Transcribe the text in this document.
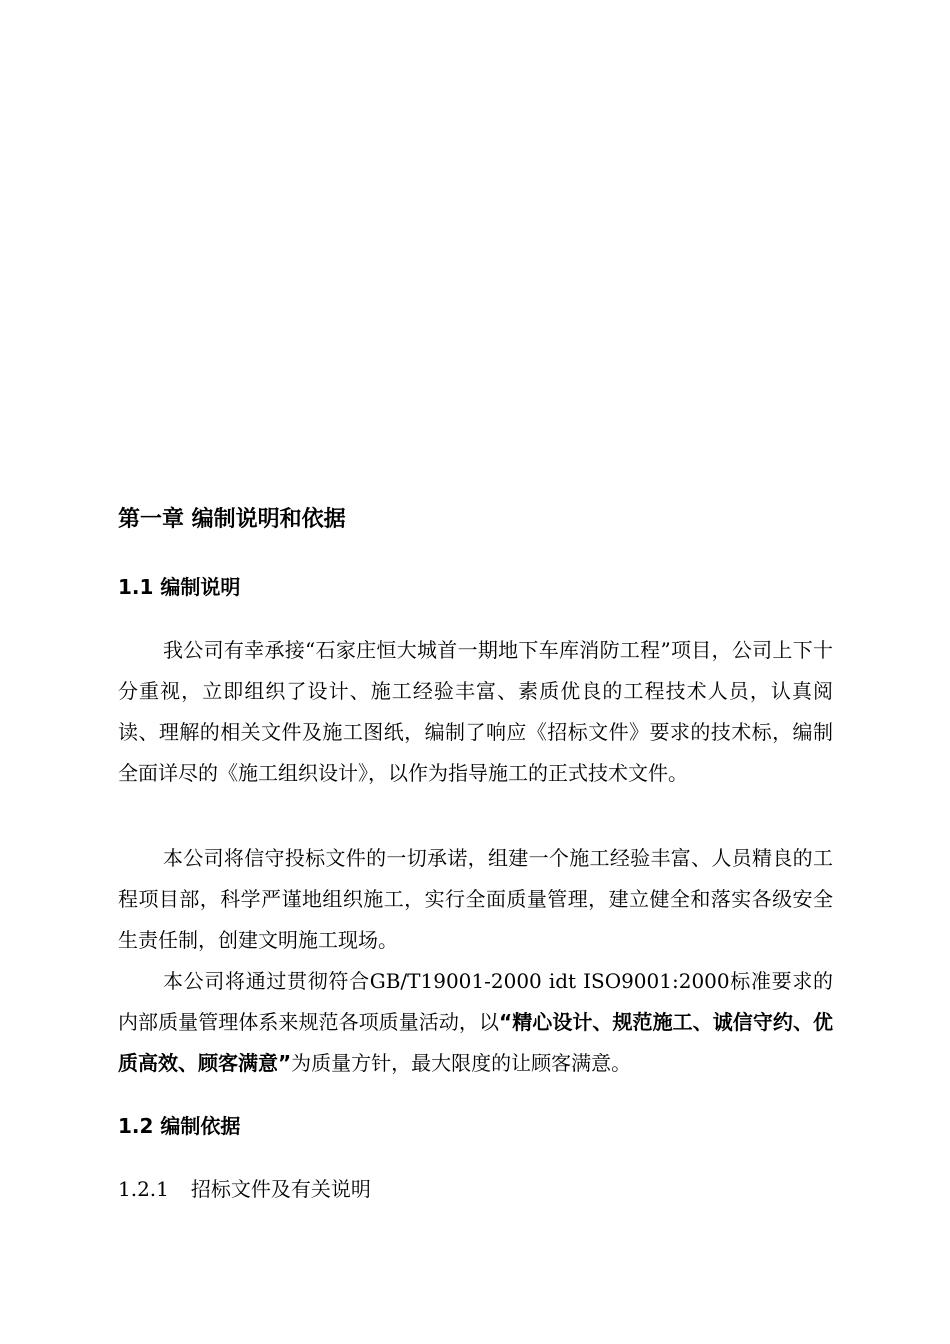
第一章 编制说明和依据
1.1 编制说明

我公司有幸承接“石家庄恒大城首一期地下车库消防工程”项目，公司上下十分重视，立即组织了设计、施工经验丰富、素质优良的工程技术人员，认真阅读、理解的相关文件及施工图纸，编制了响应《招标文件》要求的技术标，编制全面详尽的《施工组织设计》，以作为指导施工的正式技术文件。

本公司将信守投标文件的一切承诺，组建一个施工经验丰富、人员精良的工程项目部，科学严谨地组织施工，实行全面质量管理，建立健全和落实各级安全生责任制，创建文明施工现场。

本公司将通过贯彻符合GB/T19001-2000 idt ISO9001:2000标准要求的内部质量管理体系来规范各项质量活动，以“精心设计、规范施工、诚信守约、优质高效、顾客满意”为质量方针，最大限度的让顾客满意。

1.2 编制依据
1.2.1 招标文件及有关说明
